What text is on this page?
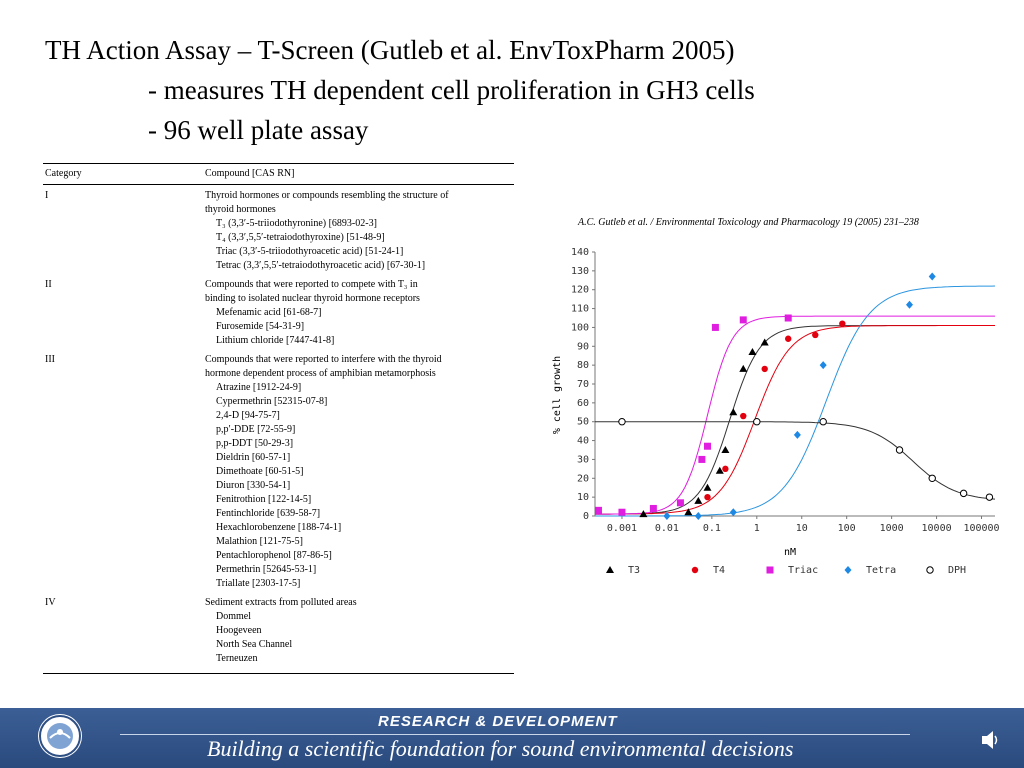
TH Action Assay – T-Screen (Gutleb et al. EnvToxPharm 2005)
- measures TH dependent cell proliferation in GH3 cells
- 96 well plate assay
Category	Compound [CAS RN]
I	Thyroid hormones or compounds resembling the structure of
thyroid hormones
T₃ (3,3′-5-triiodothyronine) [6893-02-3]
T₄ (3,3′,5,5′-tetraiodothyroxine) [51-48-9]
Triac (3,3′-5-triiodothyroacetic acid) [51-24-1]
Tetrac (3,3′,5,5′-tetraiodothyroacetic acid) [67-30-1]
II	Compounds that were reported to compete with T₃ in
binding to isolated nuclear thyroid hormone receptors
Mefenamic acid [61-68-7]
Furosemide [54-31-9]
Lithium chloride [7447-41-8]
III	Compounds that were reported to interfere with the thyroid
hormone dependent process of amphibian metamorphosis
Atrazine [1912-24-9]
Cypermethrin [52315-07-8]
2,4-D [94-75-7]
p,p′-DDE [72-55-9]
p,p-DDT [50-29-3]
Dieldrin [60-57-1]
Dimethoate [60-51-5]
Diuron [330-54-1]
Fenitrothion [122-14-5]
Fentinchloride [639-58-7]
Hexachlorobenzene [188-74-1]
Malathion [121-75-5]
Pentachlorophenol [87-86-5]
Permethrin [52645-53-1]
Triallate [2303-17-5]
IV	Sediment extracts from polluted areas
Dommel
Hoogeveen
North Sea Channel
Terneuzen
A.C. Gutleb et al. / Environmental Toxicology and Pharmacology 19 (2005) 231–238
0
10
20
30
40
50
60
70
80
90
100
110
120
130
140
0.001 0.01 0.1	1	10	100 1000 10000 100000
nM
% cell growth
T3	T4	Triac	Tetra	DPH
RESEARCH & DEVELOPMENT
Building a scientific foundation for sound environmental decisions
